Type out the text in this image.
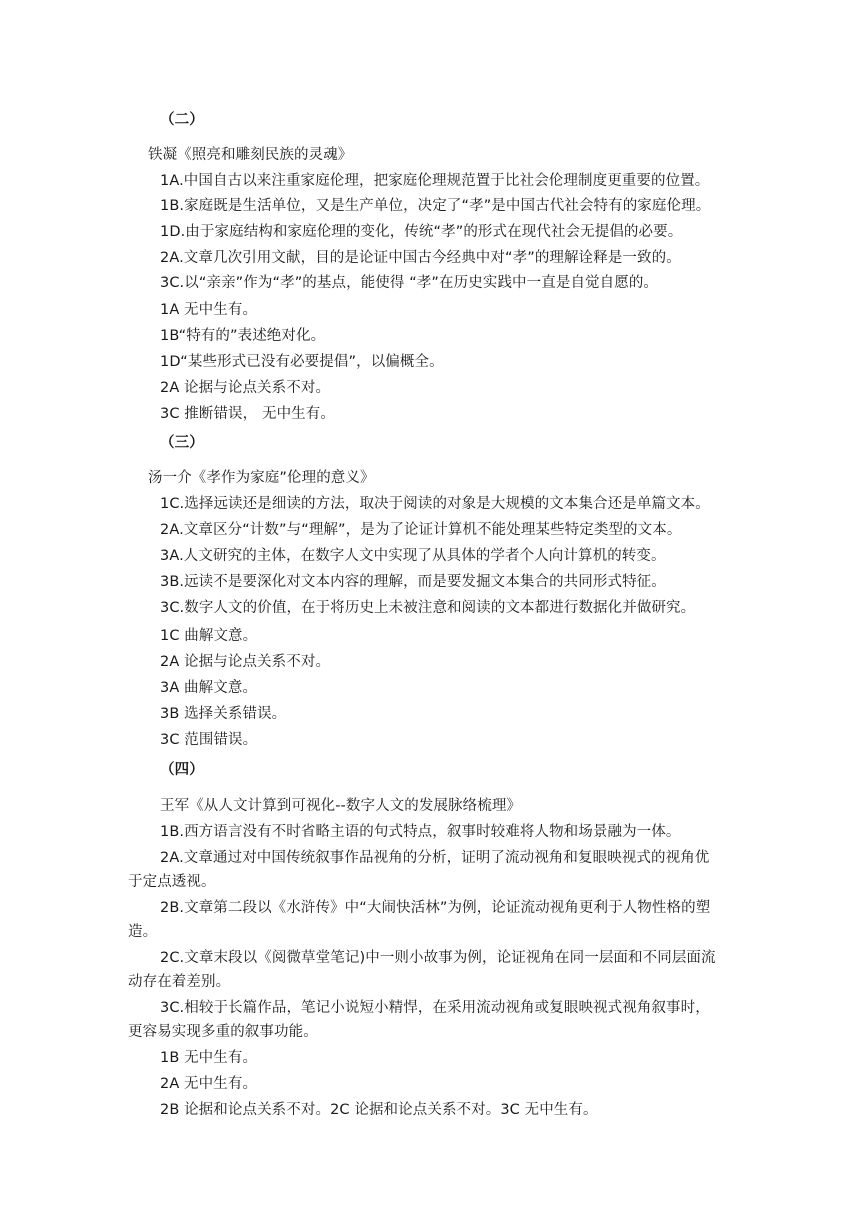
（二）
铁凝《照亮和雕刻民族的灵魂》
1A.中国自古以来注重家庭伦理，把家庭伦理规范置于比社会伦理制度更重要的位置。
1B.家庭既是生活单位，又是生产单位，决定了“孝”是中国古代社会特有的家庭伦理。
1D.由于家庭结构和家庭伦理的变化，传统“孝”的形式在现代社会无提倡的必要。
2A.文章几次引用文献，目的是论证中国古今经典中对“孝”的理解诠释是一致的。
3C.以“亲亲”作为“孝”的基点，能使得 “孝”在历史实践中一直是自觉自愿的。
1A 无中生有。
1B“特有的”表述绝对化。
1D“某些形式已没有必要提倡”，以偏概全。
2A 论据与论点关系不对。
3C 推断错误， 无中生有。
（三）
汤一介《孝作为家庭”伦理的意义》
1C.选择远读还是细读的方法，取决于阅读的对象是大规模的文本集合还是单篇文本。
2A.文章区分“计数”与“理解”，是为了论证计算机不能处理某些特定类型的文本。
3A.人文研究的主体，在数字人文中实现了从具体的学者个人向计算机的转变。
3B.远读不是要深化对文本内容的理解，而是要发掘文本集合的共同形式特征。
3C.数字人文的价值，在于将历史上未被注意和阅读的文本都进行数据化并做研究。
1C 曲解文意。
2A 论据与论点关系不对。
3A 曲解文意。
3B 选择关系错误。
3C 范围错误。
（四）
王军《从人文计算到可视化--数字人文的发展脉络梳理》
1B.西方语言没有不时省略主语的句式特点，叙事时较难将人物和场景融为一体。
2A.文章通过对中国传统叙事作品视角的分析，证明了流动视角和复眼映视式的视角优
于定点透视。
2B.文章第二段以《水浒传》中“大闹快活林”为例，论证流动视角更利于人物性格的塑
造。
2C.文章末段以《阅微草堂笔记)中一则小故事为例，论证视角在同一层面和不同层面流
动存在着差别。
3C.相较于长篇作品，笔记小说短小精悍，在采用流动视角或复眼映视式视角叙事时，
更容易实现多重的叙事功能。
1B 无中生有。
2A 无中生有。
2B 论据和论点关系不对。2C 论据和论点关系不对。3C 无中生有。
